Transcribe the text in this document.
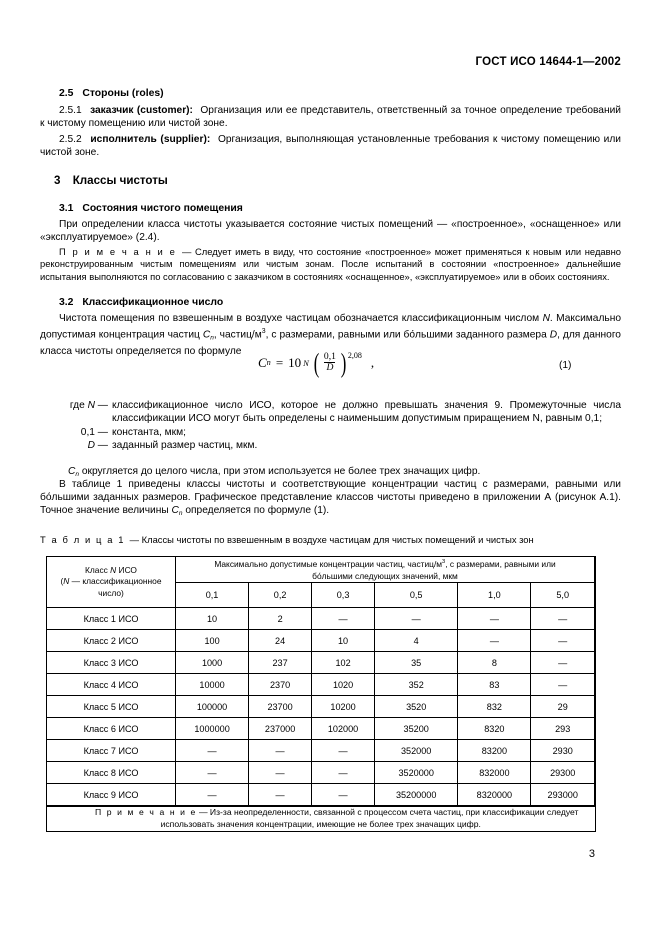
ГОСТ ИСО 14644-1—2002
2.5 Стороны (roles)
2.5.1 заказчик (customer): Организация или ее представитель, ответственный за точное определение требований к чистому помещению или чистой зоне.
2.5.2 исполнитель (supplier): Организация, выполняющая установленные требования к чистому помещению или чистой зоне.
3 Классы чистоты
3.1 Состояния чистого помещения
При определении класса чистоты указывается состояние чистых помещений — «построенное», «оснащенное» или «эксплуатируемое» (2.4).
П р и м е ч а н и е — Следует иметь в виду, что состояние «построенное» может применяться к новым или недавно реконструированным чистым помещениям или чистым зонам. После испытаний в состоянии «построенное» дальнейшие испытания выполняются по согласованию с заказчиком в состояниях «оснащенное», «эксплуатируемое» или в обоих состояниях.
3.2 Классификационное число
Чистота помещения по взвешенным в воздухе частицам обозначается классификационным числом N. Максимально допустимая концентрация частиц $C_n$, частиц/$м^3$, с размерами, равными или бо́льшими заданного размера D, для данного класса чистоты определяется по формуле
C n = 10 N ( $\frac{0,1}{D}$ ) 2,08 ,	(1)
где N — классификационное число ИСО, которое не должно превышать значения 9. Промежуточные числа классификации ИСО могут быть определены с наименьшим допустимым приращением N, равным 0,1;
0,1 — константа, мкм;
D — заданный размер частиц, мкм.
$C_n$ округляется до целого числа, при этом используется не более трех значащих цифр.
В таблице 1 приведены классы чистоты и соответствующие концентрации частиц с размерами, равными или бо́льшими заданных размеров. Графическое представление классов чистоты приведено в приложении А (рисунок А.1). Точное значение величины $C_n$ определяется по формуле (1).
Т а б л и ц а 1 — Классы чистоты по взвешенным в воздухе частицам для чистых помещений и чистых зон
Класс N ИСО
(N — классификационное
число)	Максимально допустимые концентрации частиц, частиц/$м^3$, с размерами, равными или
бо́льшими следующих значений, мкм					
	0,1	0,2	0,3	0,5	1,0	5,0
Класс 1 ИСО	10	2	—	—	—	—
Класс 2 ИСО	100	24	10	4	—	—
Класс 3 ИСО	1000	237	102	35	8	—
Класс 4 ИСО	10000	2370	1020	352	83	—
Класс 5 ИСО	100000	23700	10200	3520	832	29
Класс 6 ИСО	1000000	237000	102000	35200	8320	293
Класс 7 ИСО	—	—	—	352000	83200	2930
Класс 8 ИСО	—	—	—	3520000	832000	29300
Класс 9 ИСО	—	—	—	35200000	8320000	293000

П р и м е ч а н и е — Из-за неопределенности, связанной с процессом счета частиц, при классификации следует использовать значения концентрации, имеющие не более трех значащих цифр.						
3
